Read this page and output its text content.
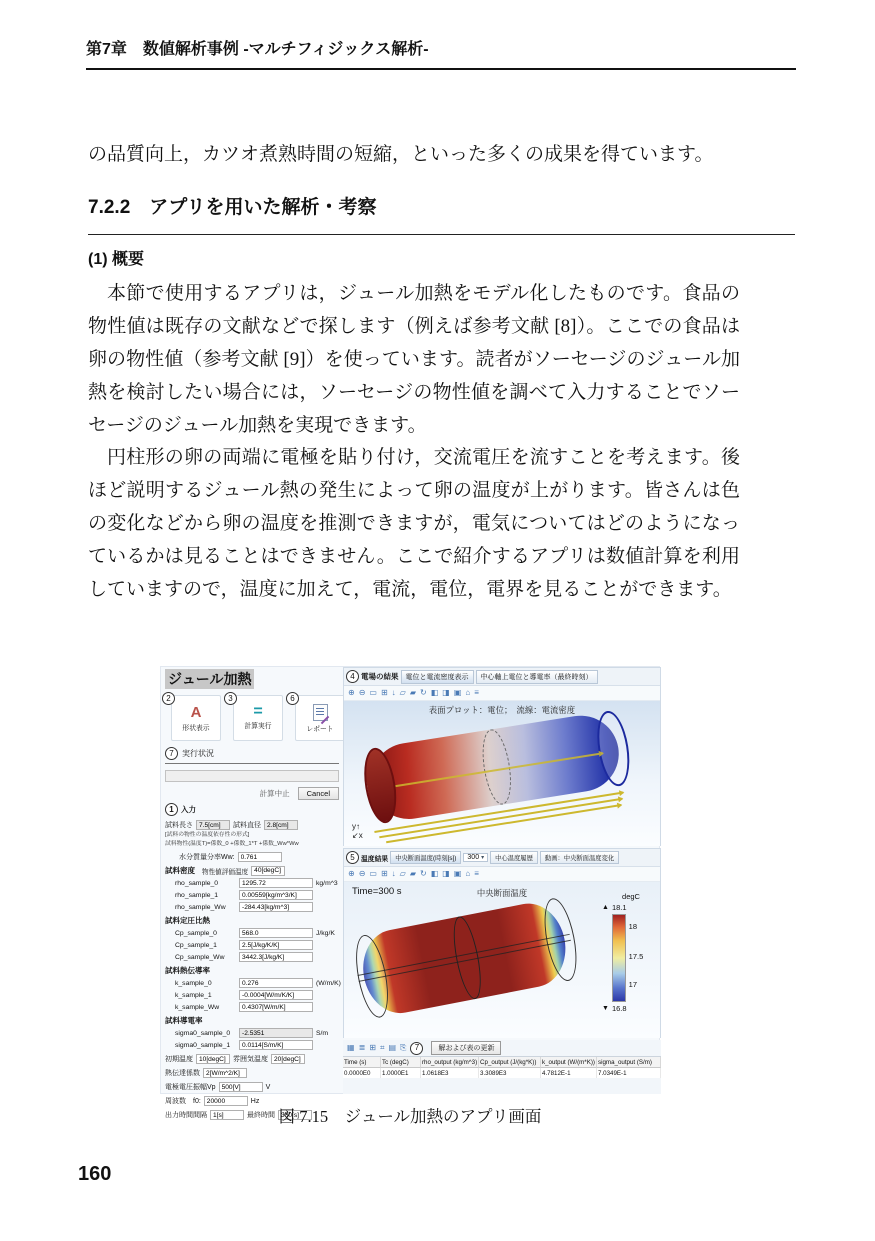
第7章　数値解析事例 -マルチフィジックス解析-
の品質向上，カツオ煮熟時間の短縮，といった多くの成果を得ています。
7.2.2　アプリを用いた解析・考察
(1) 概要
本節で使用するアプリは，ジュール加熱をモデル化したものです。食品の物性値は既存の文献などで探します（例えば参考文献 [8]）。ここでの食品は卵の物性値（参考文献 [9]）を使っています。読者がソーセージのジュール加熱を検討したい場合には，ソーセージの物性値を調べて入力することでソーセージのジュール加熱を実現できます。
円柱形の卵の両端に電極を貼り付け，交流電圧を流すことを考えます。後ほど説明するジュール熱の発生によって卵の温度が上がります。皆さんは色の変化などから卵の温度を推測できますが，電気についてはどのようになっているかは見ることはできません。ここで紹介するアプリは数値計算を利用していますので，温度に加えて，電流，電位，電界を見ることができます。
ジュール加熱
2
A
形状表示
3
=
計算実行
6
レポート
7	実行状況
計算中止	Cancel
1 入力
試料長さ
7.5[cm]	試料直径
2.8[cm]
[試料の物性の温度依存性の形式]
試料物性(温度T)=係数_0 +係数_1*T +係数_Ww*Ww
水分質量分率Ww:
0.761
試料密度 物性値評価温度
40[degC]
rho_sample_0
1295.72	kg/m^3
rho_sample_1
0.00559[kg/m^3/K]
rho_sample_Ww
-284.43[kg/m^3]
試料定圧比熱
Cp_sample_0
568.0	J/kg/K
Cp_sample_1
2.5[J/kg/K/K]
Cp_sample_Ww
3442.3[J/kg/K]
試料熱伝導率
k_sample_0
0.276	(W/m/K)
k_sample_1
-0.0004[W/m/K/K]
k_sample_Ww
0.4307[W/m/K]
試料導電率
sigma0_sample_0
-2.5351	S/m
sigma0_sample_1
0.0114[S/m/K]
初期温度
10[degC]	雰囲気温度
20[degC]
熱伝達係数
2[W/m^2/K]
電極電圧振幅Vp
500[V]	V
周波数　f0:
20000	Hz
出力時間間隔
1[s]	最終時間
300[s]
4 電場の結果	電位と電流密度表示	中心軸上電位と導電率（最終時刻）
⊕ ⊖ ▭ ⊞ ↓ ▱ ▰ ↻ ◧ ◨ ▣ ⌂ ≡
表面プロット：電位；　流線：電流密度
y↑
↙x
5 温度結果	中央断面温度(時刻[s])	300 ▾	中心温度履歴	動画：中央断面温度変化
⊕ ⊖ ▭ ⊞ ↓ ▱ ▰ ↻ ◧ ◨ ▣ ⌂ ≡
Time=300 s	中央断面温度	degC
▲ 18.1
18
17.5
17
▼ 16.8
▦ ≣ ⊞ ⌗ ▤ ⎘	7	解および表の更新
Time (s)	Tc (degC)	rho_output (kg/m^3) Cp_output (J/(kg*K)) k_output (W/(m*K)) sigma_output (S/m)
0.0000E0	1.0000E1	1.0618E3	3.3089E3	4.7812E-1	7.0349E-1
図 7.15　ジュール加熱のアプリ画面
160
